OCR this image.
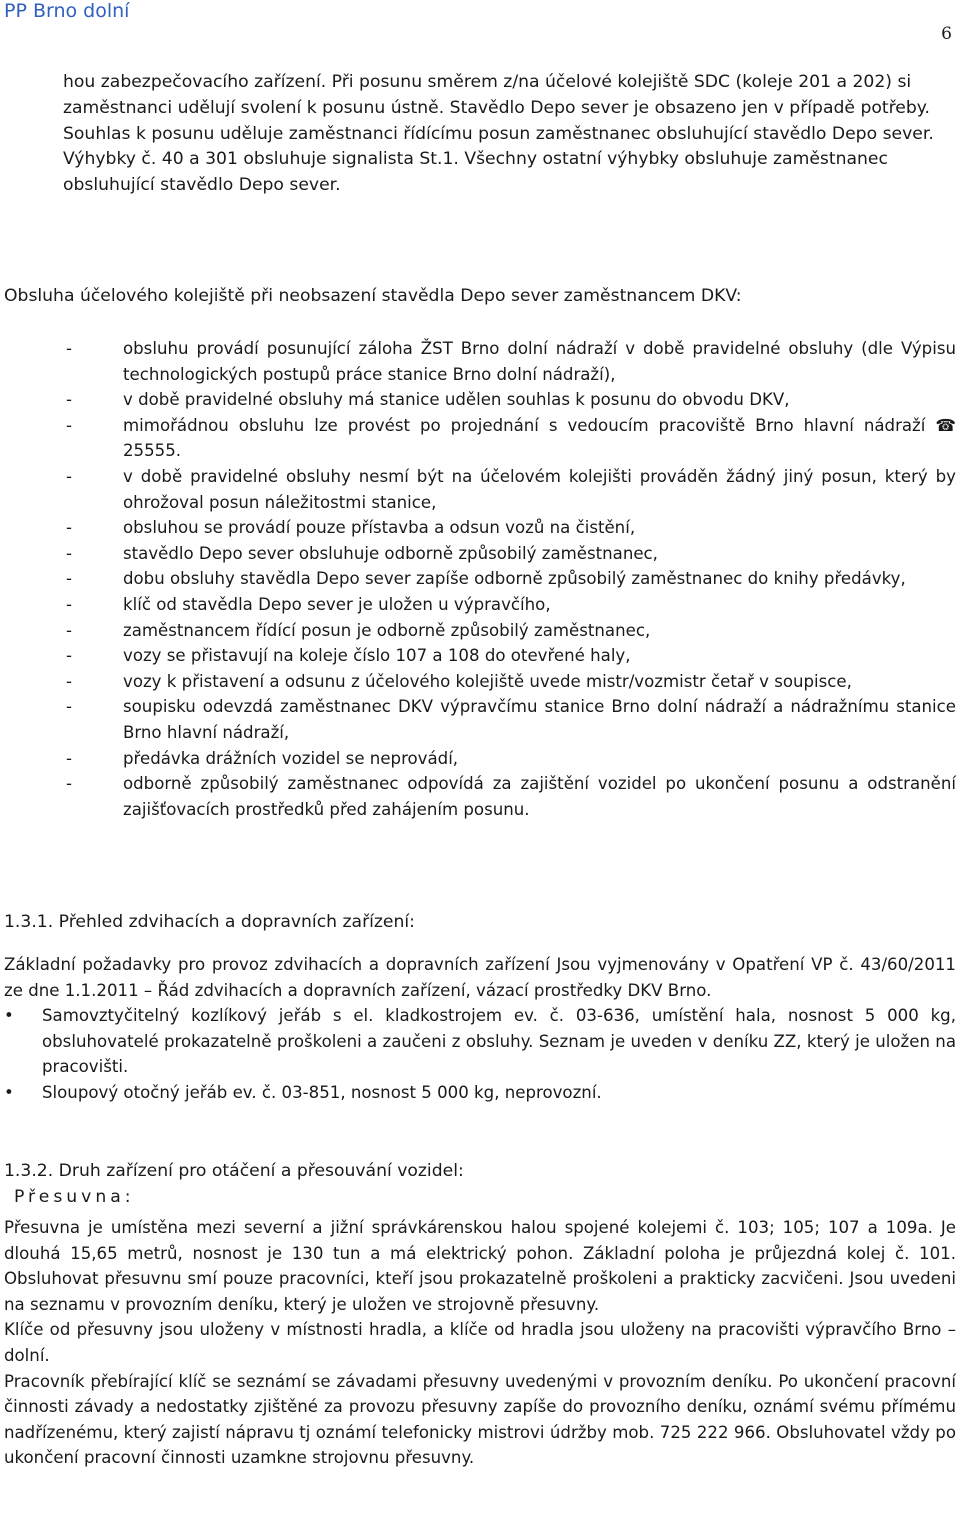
PP Brno dolní
6

hou zabezpečovacího zařízení. Při posunu směrem z/na účelové kolejiště SDC (koleje 201 a 202) si zaměstnanci udělují svolení k posunu ústně. Stavědlo Depo sever je obsazeno jen v případě potřeby.

Souhlas k posunu uděluje zaměstnanci řídícímu posun zaměstnanec obsluhující stavědlo Depo sever.

Výhybky č. 40 a 301 obsluhuje signalista St.1. Všechny ostatní výhybky obsluhuje zaměstnanec obsluhující stavědlo Depo sever.

Obsluha účelového kolejiště při neobsazení stavědla Depo sever zaměstnancem DKV:
-	obsluhu provádí posunující záloha ŽST Brno dolní nádraží v době pravidelné obsluhy (dle Výpisu technologických postupů práce stanice Brno dolní nádraží),
-	v době pravidelné obsluhy má stanice udělen souhlas k posunu do obvodu DKV,
-	mimořádnou obsluhu lze provést po projednání s vedoucím pracoviště Brno hlavní nádraží ☎ 25555.
-	v době pravidelné obsluhy nesmí být na účelovém kolejišti prováděn žádný jiný posun, který by ohrožoval posun náležitostmi stanice,
-	obsluhou se provádí pouze přístavba a odsun vozů na čistění,
-	stavědlo Depo sever obsluhuje odborně způsobilý zaměstnanec,
-	dobu obsluhy stavědla Depo sever zapíše odborně způsobilý zaměstnanec do knihy předávky,
-	klíč od stavědla Depo sever je uložen u výpravčího,
-	zaměstnancem řídící posun je odborně způsobilý zaměstnanec,
-	vozy se přistavují na koleje číslo 107 a 108 do otevřené haly,
-	vozy k přistavení a odsunu z účelového kolejiště uvede mistr/vozmistr četař v soupisce,
-	soupisku odevzdá zaměstnanec DKV výpravčímu stanice Brno dolní nádraží a nádražnímu stanice Brno hlavní nádraží,
-	předávka drážních vozidel se neprovádí,
-	odborně způsobilý zaměstnanec odpovídá za zajištění vozidel po ukončení posunu a odstranění zajišťovacích prostředků před zahájením posunu.
1.3.1. Přehled zdvihacích a dopravních zařízení:

Základní požadavky pro provoz zdvihacích a dopravních zařízení Jsou vyjmenovány v Opatření VP č. 43/60/2011 ze dne 1.1.2011 – Řád zdvihacích a dopravních zařízení, vázací prostředky DKV Brno.

•	Samovztyčitelný kozlíkový jeřáb s el. kladkostrojem ev. č. 03-636, umístění hala, nosnost 5 000 kg, obsluhovatelé prokazatelně proškoleni a zaučeni z obsluhy. Seznam je uveden v deníku ZZ, který je uložen na pracovišti.
•	Sloupový otočný jeřáb ev. č. 03-851, nosnost 5 000 kg, neprovozní.
1.3.2. Druh zařízení pro otáčení a přesouvání vozidel:
Přesuvna:

Přesuvna je umístěna mezi severní a jižní správkárenskou halou spojené kolejemi č. 103; 105; 107 a 109a. Je dlouhá 15,65 metrů, nosnost je 130 tun a má elektrický pohon. Základní poloha je průjezdná kolej č. 101. Obsluhovat přesuvnu smí pouze pracovníci, kteří jsou prokazatelně proškoleni a prakticky zacvičeni. Jsou uvedeni na seznamu v provozním deníku, který je uložen ve strojovně přesuvny.

Klíče od přesuvny jsou uloženy v místnosti hradla, a klíče od hradla jsou uloženy na pracovišti výpravčího Brno – dolní.

Pracovník přebírající klíč se seznámí se závadami přesuvny uvedenými v provozním deníku. Po ukončení pracovní činnosti závady a nedostatky zjištěné za provozu přesuvny zapíše do provozního deníku, oznámí svému přímému nadřízenému, který zajistí nápravu tj oznámí telefonicky mistrovi údržby mob. 725 222 966. Obsluhovatel vždy po ukončení pracovní činnosti uzamkne strojovnu přesuvny.
